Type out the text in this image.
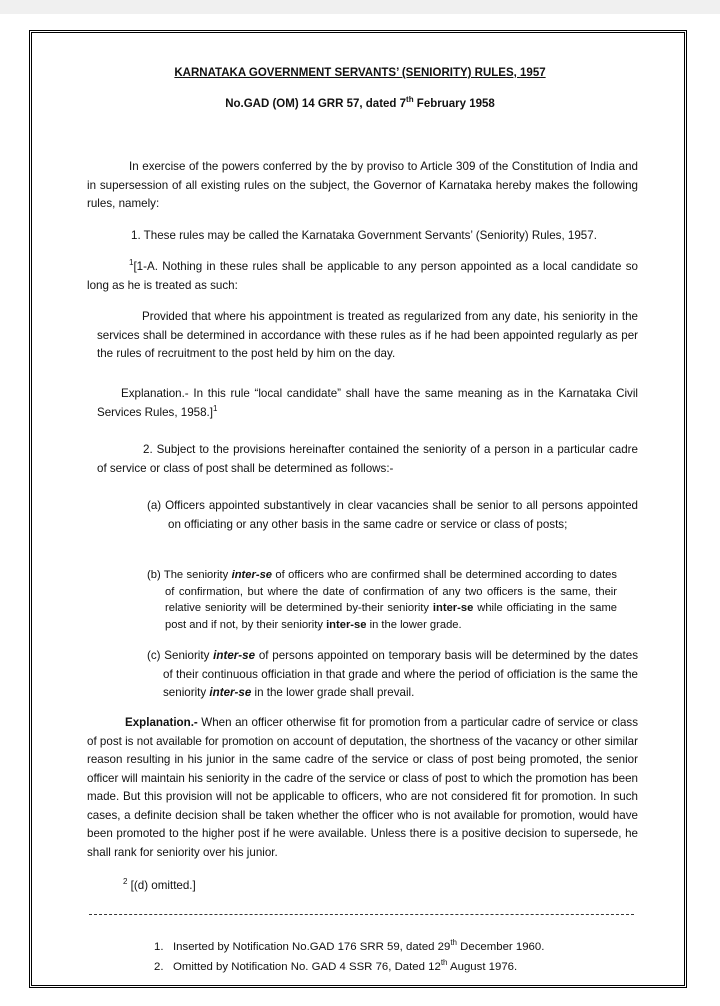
KARNATAKA GOVERNMENT SERVANTS’ (SENIORITY) RULES, 1957
No.GAD (OM) 14 GRR 57, dated 7th February 1958
In exercise of the powers conferred by the by proviso to Article 309 of the Constitution of India and in supersession of all existing rules on the subject, the Governor of Karnataka hereby makes the following rules, namely:
1. These rules may be called the Karnataka Government Servants’ (Seniority) Rules, 1957.
$^1$[1-A. Nothing in these rules shall be applicable to any person appointed as a local candidate so long as he is treated as such:
Provided that where his appointment is treated as regularized from any date, his seniority in the services shall be determined in accordance with these rules as if he had been appointed regularly as per the rules of recruitment to the post held by him on the day.
Explanation.- In this rule “local candidate” shall have the same meaning as in the Karnataka Civil Services Rules, 1958.]$^1$
2. Subject to the provisions hereinafter contained the seniority of a person in a particular cadre of service or class of post shall be determined as follows:-
(a) Officers appointed substantively in clear vacancies shall be senior to all persons appointed on officiating or any other basis in the same cadre or service or class of posts;
(b) The seniority inter-se of officers who are confirmed shall be determined according to dates of confirmation, but where the date of confirmation of any two officers is the same, their relative seniority will be determined by-their seniority inter-se while officiating in the same post and if not, by their seniority inter-se in the lower grade.
(c) Seniority inter-se of persons appointed on temporary basis will be determined by the dates of their continuous officiation in that grade and where the period of officiation is the same the seniority inter-se in the lower grade shall prevail.
Explanation.- When an officer otherwise fit for promotion from a particular cadre of service or class of post is not available for promotion on account of deputation, the shortness of the vacancy or other similar reason resulting in his junior in the same cadre of the service or class of post being promoted, the senior officer will maintain his seniority in the cadre of the service or class of post to which the promotion has been made. But this provision will not be applicable to officers, who are not considered fit for promotion. In such cases, a definite decision shall be taken whether the officer who is not available for promotion, would have been promoted to the higher post if he were available. Unless there is a positive decision to supersede, he shall rank for seniority over his junior.
$^2$ [(d) omitted.]
1. Inserted by Notification No.GAD 176 SRR 59, dated 29th December 1960.
2. Omitted by Notification No. GAD 4 SSR 76, Dated 12th August 1976.
